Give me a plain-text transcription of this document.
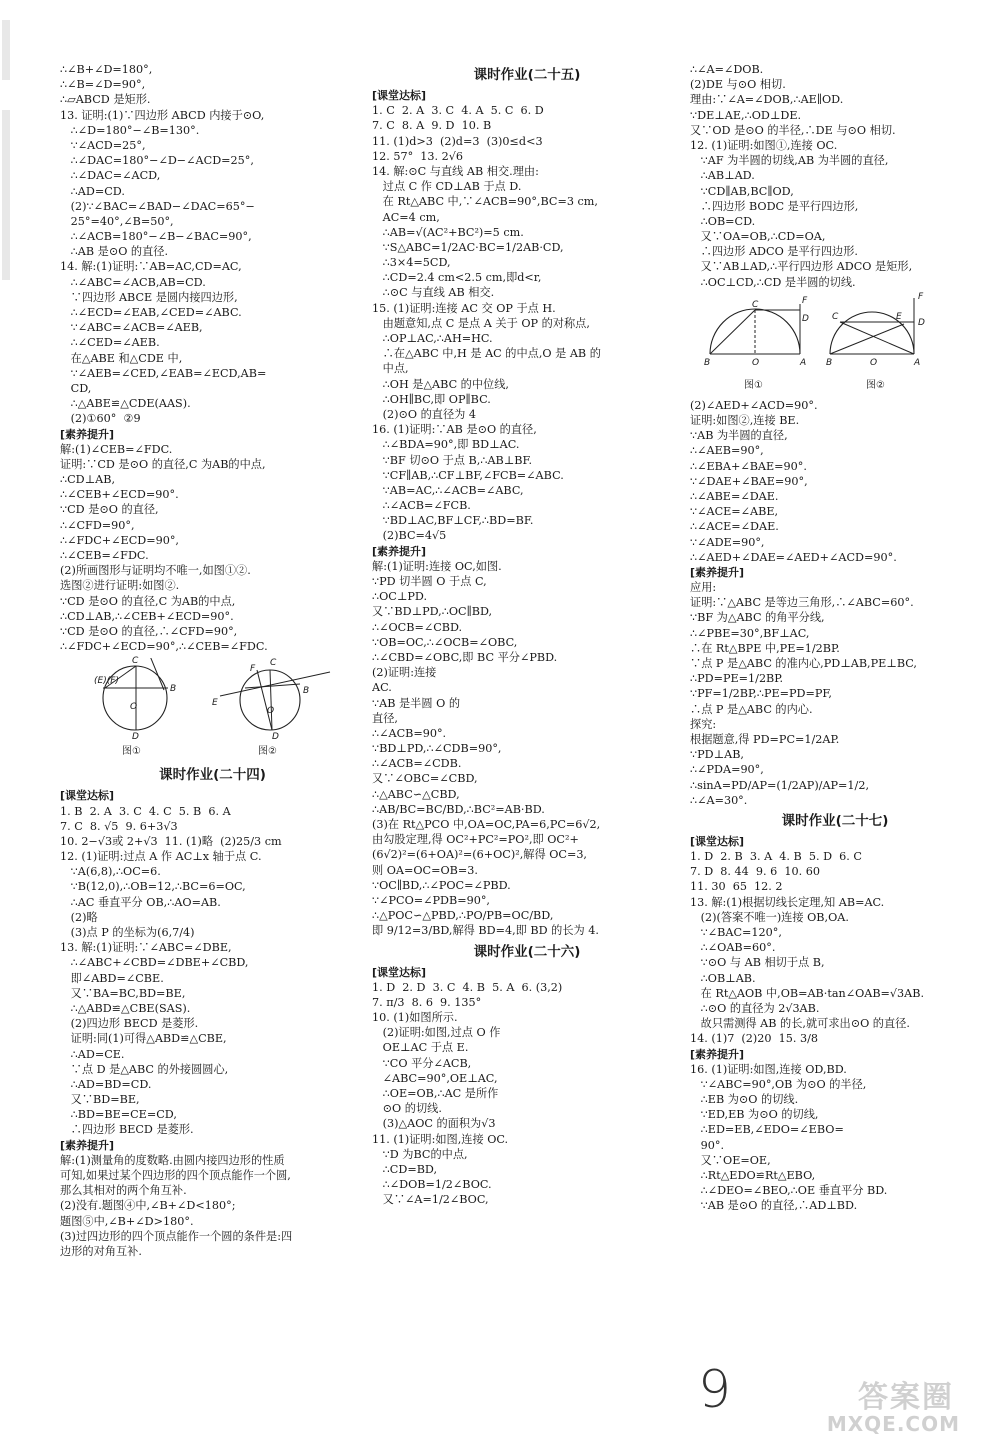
∴∠B+∠D=180°,
∴∠B=∠D=90°,
∴▱ABCD 是矩形.
13. 证明:(1)∵四边形 ABCD 内接于⊙O,
∴∠D=180°−∠B=130°.
∵∠ACD=25°,
∴∠DAC=180°−∠D−∠ACD=25°,
∴∠DAC=∠ACD,
∴AD=CD.
(2)∵∠BAC=∠BAD−∠DAC=65°−
25°=40°,∠B=50°,
∴∠ACB=180°−∠B−∠BAC=90°,
∴AB 是⊙O 的直径.
14. 解:(1)证明:∵AB=AC,CD=AC,
∴∠ABC=∠ACB,AB=CD.
∵四边形 ABCE 是圆内接四边形,
∴∠ECD=∠EAB,∠CED=∠ABC.
∵∠ABC=∠ACB=∠AEB,
∴∠CED=∠AEB.
在△ABE 和△CDE 中,
∵∠AEB=∠CED,∠EAB=∠ECD,AB=
CD,
∴△ABE≌△CDE(AAS).
(2)①60°  ②9
[素养提升]
解:(1)∠CEB=∠FDC.
证明:∵CD 是⊙O 的直径,C 为AB的中点,
∴CD⊥AB,
∴∠CEB+∠ECD=90°.
∵CD 是⊙O 的直径,
∴∠CFD=90°,
∴∠FDC+∠ECD=90°,
∴∠CEB=∠FDC.
(2)所画图形与证明均不唯一,如图①②.
选图②进行证明:如图②.
∵CD 是⊙O 的直径,C 为AB的中点,
∴CD⊥AB,∴∠CEB+∠ECD=90°.
∵CD 是⊙O 的直径,∴∠CFD=90°,
∴∠FDC+∠ECD=90°,∴∠CEB=∠FDC.
(E)(F)
C
B
O
D
E
F
C
B
O
D
图①	图②
课时作业(二十四)
[课堂达标]
1. B  2. A  3. C  4. C  5. B  6. A
7. C  8. √5  9. 6+3√3
10. 2−√3或 2+√3  11. (1)略  (2)25/3 cm
12. (1)证明:过点 A 作 AC⊥x 轴于点 C.
∵A(6,8),∴OC=6.
∵B(12,0),∴OB=12,∴BC=6=OC,
∴AC 垂直平分 OB,∴AO=AB.
(2)略
(3)点 P 的坐标为(6,7/4)
13. 解:(1)证明:∵∠ABC=∠DBE,
∴∠ABC+∠CBD=∠DBE+∠CBD,
即∠ABD=∠CBE.
又∵BA=BC,BD=BE,
∴△ABD≌△CBE(SAS).
(2)四边形 BECD 是菱形.
证明:同(1)可得△ABD≌△CBE,
∴AD=CE.
∵点 D 是△ABC 的外接圆圆心,
∴AD=BD=CD.
又∵BD=BE,
∴BD=BE=CE=CD,
∴四边形 BECD 是菱形.
[素养提升]
解:(1)测量角的度数略.由圆内接四边形的性质
可知,如果过某个四边形的四个顶点能作一个圆,
那么其相对的两个角互补.
(2)没有.题图④中,∠B+∠D<180°;
题图⑤中,∠B+∠D>180°.
(3)过四边形的四个顶点能作一个圆的条件是:四
边形的对角互补.
课时作业(二十五)
[课堂达标]
1. C  2. A  3. C  4. A  5. C  6. D
7. C  8. A  9. D  10. B
11. (1)d>3  (2)d=3  (3)0≤d<3
12. 57°  13. 2√6
14. 解:⊙C 与直线 AB 相交.理由:
过点 C 作 CD⊥AB 于点 D.
在 Rt△ABC 中,∵∠ACB=90°,BC=3 cm,
AC=4 cm,
∴AB=√(AC²+BC²)=5 cm.
∵S△ABC=1/2AC·BC=1/2AB·CD,
∴3×4=5CD,
∴CD=2.4 cm<2.5 cm,即d<r,
∴⊙C 与直线 AB 相交.
15. (1)证明:连接 AC 交 OP 于点 H.
由题意知,点 C 是点 A 关于 OP 的对称点,
∴OP⊥AC,∴AH=HC.
∴在△ABC 中,H 是 AC 的中点,O 是 AB 的
中点,
∴OH 是△ABC 的中位线,
∴OH∥BC,即 OP∥BC.
(2)⊙O 的直径为 4
16. (1)证明:∵AB 是⊙O 的直径,
∴∠BDA=90°,即 BD⊥AC.
∵BF 切⊙O 于点 B,∴AB⊥BF.
∵CF∥AB,∴CF⊥BF,∠FCB=∠ABC.
∵AB=AC,∴∠ACB=∠ABC,
∴∠ACB=∠FCB.
∵BD⊥AC,BF⊥CF,∴BD=BF.
(2)BC=4√5
[素养提升]
解:(1)证明:连接 OC,如图.
∵PD 切半圆 O 于点 C,
∴OC⊥PD.
又∵BD⊥PD,∴OC∥BD,
∴∠OCB=∠CBD.
∵OB=OC,∴∠OCB=∠OBC,
∴∠CBD=∠OBC,即 BC 平分∠PBD.
(2)证明:连接
AC.
∵AB 是半圆 O 的
直径,
∴∠ACB=90°.
∵BD⊥PD,∴∠CDB=90°,
∴∠ACB=∠CDB.
又∵∠OBC=∠CBD,
∴△ABC∽△CBD,
∴AB/BC=BC/BD,∴BC²=AB·BD.
(3)在 Rt△PCO 中,OA=OC,PA=6,PC=6√2,
由勾股定理,得 OC²+PC²=PO²,即 OC²+
(6√2)²=(6+OA)²=(6+OC)²,解得 OC=3,
则 OA=OC=OB=3.
∵OC∥BD,∴∠POC=∠PBD.
∵∠PCO=∠PDB=90°,
∴△POC∽△PBD,∴PO/PB=OC/BD,
即 9/12=3/BD,解得 BD=4,即 BD 的长为 4.
课时作业(二十六)
[课堂达标]
1. D  2. D  3. C  4. B  5. A  6. (3,2)
7. π/3  8. 6  9. 135°
10. (1)如图所示.
(2)证明:如图,过点 O 作
OE⊥AC 于点 E.
∵CO 平分∠ACB,
∠ABC=90°,OE⊥AC,
∴OE=OB,∴AC 是所作
⊙O 的切线.
(3)△AOC 的面积为√3
11. (1)证明:如图,连接 OC.
∵D 为BC的中点,
∴CD=BD,
∴∠DOB=1/2∠BOC.
又∵∠A=1/2∠BOC,
∴∠A=∠DOB.
(2)DE 与⊙O 相切.
理由:∵∠A=∠DOB,∴AE∥OD.
∵DE⊥AE,∴OD⊥DE.
又∵OD 是⊙O 的半径,∴DE 与⊙O 相切.
12. (1)证明:如图①,连接 OC.
∵AF 为半圆的切线,AB 为半圆的直径,
∴AB⊥AD.
∵CD∥AB,BC∥OD,
∴四边形 BODC 是平行四边形,
∴OB=CD.
又∵OA=OB,∴CD=OA,
∴四边形 ADCO 是平行四边形.
又∵AB⊥AD,∴平行四边形 ADCO 是矩形,
∴OC⊥CD,∴CD 是半圆的切线.
C	F
D
B	O	A
C	E
F
D
B	O	A
图①	图②
(2)∠AED+∠ACD=90°.
证明:如图②,连接 BE.
∵AB 为半圆的直径,
∴∠AEB=90°,
∴∠EBA+∠BAE=90°.
∵∠DAE+∠BAE=90°,
∴∠ABE=∠DAE.
∵∠ACE=∠ABE,
∴∠ACE=∠DAE.
∵∠ADE=90°,
∴∠AED+∠DAE=∠AED+∠ACD=90°.
[素养提升]
应用:
证明:∵△ABC 是等边三角形,∴∠ABC=60°.
∵BF 为△ABC 的角平分线,
∴∠PBE=30°,BF⊥AC,
∴在 Rt△BPE 中,PE=1/2BP.
∵点 P 是△ABC 的准内心,PD⊥AB,PE⊥BC,
∴PD=PE=1/2BP.
∵PF=1/2BP,∴PE=PD=PF,
∴点 P 是△ABC 的内心.
探究:
根据题意,得 PD=PC=1/2AP.
∵PD⊥AB,
∴∠PDA=90°,
∴sinA=PD/AP=(1/2AP)/AP=1/2,
∴∠A=30°.
课时作业(二十七)
[课堂达标]
1. D  2. B  3. A  4. B  5. D  6. C
7. D  8. 44  9. 6  10. 60
11. 30  65  12. 2
13. 解:(1)根据切线长定理,知 AB=AC.
(2)(答案不唯一)连接 OB,OA.
∵∠BAC=120°,
∴∠OAB=60°.
∵⊙O 与 AB 相切于点 B,
∴OB⊥AB.
在 Rt△AOB 中,OB=AB·tan∠OAB=√3AB.
∴⊙O 的直径为 2√3AB.
故只需测得 AB 的长,就可求出⊙O 的直径.
14. (1)7  (2)20  15. 3/8
[素养提升]
16. (1)证明:如图,连接 OD,BD.
∵∠ABC=90°,OB 为⊙O 的半径,
∴EB 为⊙O 的切线.
∵ED,EB 为⊙O 的切线,
∴ED=EB,∠EDO=∠EBO=
90°.
又∵OE=OE,
∴Rt△EDO≌Rt△EBO,
∴∠DEO=∠BEO,∴OE 垂直平分 BD.
∵AB 是⊙O 的直径,∴AD⊥BD.
9	答案圈
MXQE.COM
